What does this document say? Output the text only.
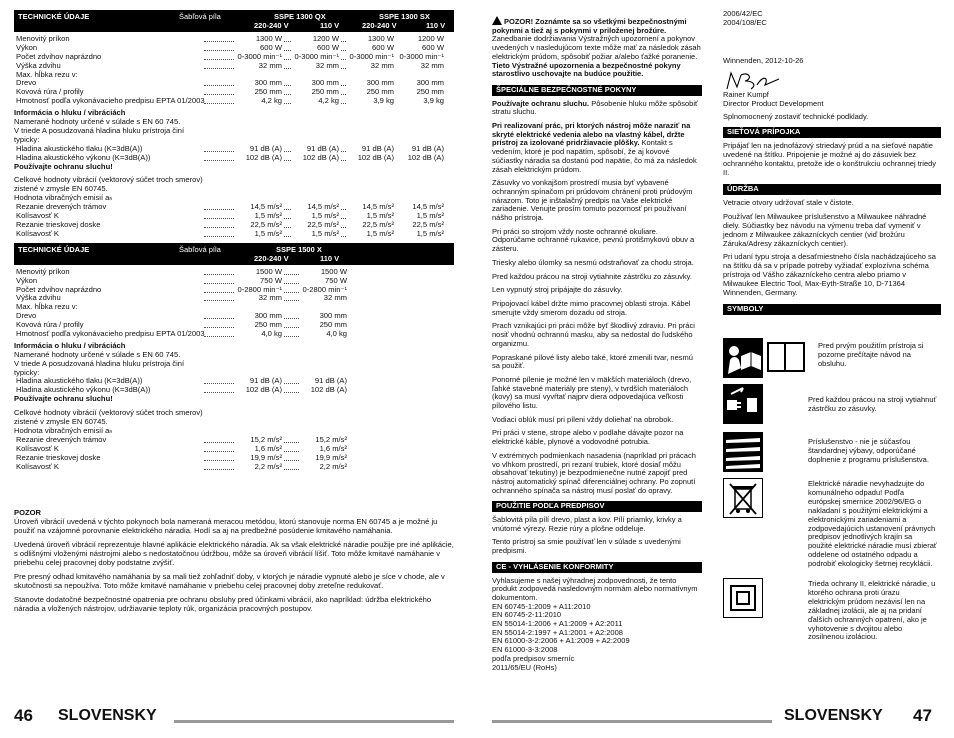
TECHNICKÉ ÚDAJE	Šabľová píla	SSPE 1300 QX	SSPE 1300 SX
220-240 V	110 V	220-240 V	110 V
Menovitý príkon	1300 W	1200 W	1300 W	1200 W
Výkon	600 W	600 W	600 W	600 W
Počet zdvihov naprázdno	0-3000 min⁻¹ 0-3000 min⁻¹ 0-3000 min⁻¹ 0-3000 min⁻¹
Výška zdvihu	32 mm	32 mm	32 mm	32 mm
Max. hĺbka rezu v:
Drevo	300 mm	300 mm	300 mm	300 mm
Kovová rúra / profily	250 mm	250 mm	250 mm	250 mm
Hmotnosť podľa vykonávacieho predpisu EPTA 01/2003	4,2 kg	4,2 kg	3,9 kg	3,9 kg
Informácia o hluku / vibráciách
Namerané hodnoty určené v súlade s EN 60 745.
V triede A posudzovaná hladina hluku prístroja činí
typicky:
Hladina akustického tlaku (K=3dB(A))	91 dB (A)	91 dB (A)	91 dB (A) 91 dB (A)
Hladina akustického výkonu (K=3dB(A))	102 dB (A)	102 dB (A) 102 dB (A) 102 dB (A)
Používajte ochranu sluchu!
Celkové hodnoty vibrácií (vektorový súčet troch smerov)
zistené v zmysle EN 60745.
Hodnota vibračných emisií aₕ
Rezanie drevených trámov	14,5 m/s²	14,5 m/s²	14,5 m/s² 14,5 m/s²
Kolísavosť K	1,5 m/s²	1,5 m/s²	1,5 m/s²	1,5 m/s²
Rezanie trieskovej doske	22,5 m/s²	22,5 m/s²	22,5 m/s² 22,5 m/s²
Kolísavosť K	1,5 m/s²	1,5 m/s²	1,5 m/s²	1,5 m/s²
TECHNICKÉ ÚDAJE	Šabľová píla	SSPE 1500 X
220-240 V	110 V
Menovitý príkon	1500 W	1500 W
Výkon	750 W	750 W
Počet zdvihov naprázdno	0-2800 min⁻¹	0-2800 min⁻¹
Výška zdvihu	32 mm	32 mm
Max. hĺbka rezu v:
Drevo	300 mm	300 mm
Kovová rúra / profily	250 mm	250 mm
Hmotnosť podľa vykonávacieho predpisu EPTA 01/2003	4,0 kg	4,0 kg
Informácia o hluku / vibráciách
Namerané hodnoty určené v súlade s EN 60 745.
V triede A posudzovaná hladina hluku prístroja činí
typicky:
Hladina akustického tlaku (K=3dB(A))	91 dB (A)	91 dB (A)
Hladina akustického výkonu (K=3dB(A))	102 dB (A)	102 dB (A)
Používajte ochranu sluchu!
Celkové hodnoty vibrácií (vektorový súčet troch smerov)
zistené v zmysle EN 60745.
Hodnota vibračných emisií aₕ
Rezanie drevených trámov	15,2 m/s²	15,2 m/s²
Kolísavosť K	1,6 m/s²	1,6 m/s²
Rezanie trieskovej doske	19,9 m/s²	19,9 m/s²
Kolísavosť K	2,2 m/s²	2,2 m/s²
POZOR

Úroveň vibrácií uvedená v týchto pokynoch bola nameraná meracou metódou, ktorú stanovuje norma EN 60745 a je možné ju použiť na vzájomné porovnanie elektrického náradia. Hodí sa aj na predbežné posúdenie kmitavého namáhania.

Uvedená úroveň vibrácií reprezentuje hlavné aplikácie elektrického náradia. Ak sa však elektrické náradie použije pre iné aplikácie, s odlišnými vloženými nástrojmi alebo s nedostatočnou údržbou, môže sa úroveň vibrácií líšiť. Toto môže kmitavé namáhanie v priebehu celej pracovnej doby podstatne zvýšiť.

Pre presný odhad kmitavého namáhania by sa mali tiež zohľadniť doby, v ktorých je náradie vypnuté alebo je síce v chode, ale v skutočnosti sa nepoužíva. Toto môže kmitavé namáhanie v priebehu celej pracovnej doby zreteľne redukovať.

Stanovte dodatočné bezpečnostné opatrenia pre ochranu obsluhy pred účinkami vibrácií, ako napríklad: údržba elektrického náradia a vložených nástrojov, udržiavanie teploty rúk, organizácia pracovných postupov.

POZOR! Zoznámte sa so všetkými bezpečnostnými pokynmi a tiež aj s pokynmi v priloženej brožúre. Zanedbanie dodržiavania Výstražných upozornení a pokynov uvedených v nasledujúcom texte môže mať za následok zásah elektrickým prúdom, spôsobiť požiar a/alebo ťažké poranenie.
Tieto Výstražné upozornenia a bezpečnostné pokyny starostlivo uschovajte na budúce použitie.
ŠPECIÁLNE BEZPEČNOSTNÉ POKYNY

Používajte ochranu sluchu. Pôsobenie hluku môže spôsobiť stratu sluchu.

Pri realizovaní prác, pri ktorých nástroj môže naraziť na skryté elektrické vedenia alebo na vlastný kábel, držte prístroj za izolované pridržiavacie plôšky. Kontakt s vedením, ktoré je pod napätím, spôsobí, že aj kovové súčiastky náradia sa dostanú pod napätie, čo má za následok zásah elektrickým prúdom.

Zásuvky vo vonkajšom prostredí musia byť vybavené ochranným spínačom pri prúdovom chránení proti prúdovým nárazom. Toto je inštalačný predpis na Vaše elektrické zariadenie. Venujte prosím tomuto pozornosť pri používaní nášho prístroja.

Pri práci so strojom vždy noste ochranné okuliare. Odporúčame ochranné rukavice, pevnú protišmykovú obuv a zásteru.

Triesky alebo úlomky sa nesmú odstraňovať za chodu stroja.

Pred každou prácou na stroji vytiahnite zástrčku zo zásuvky.

Len vypnutý stroj pripájajte do zásuvky.

Pripojovací kábel držte mimo pracovnej oblasti stroja. Kábel smerujte vždy smerom dozadu od stroja.

Prach vznikajúci pri práci môže byť škodlivý zdraviu. Pri práci nosiť vhodnú ochrannú masku, aby sa nedostal do ľudského organizmu.

Popraskané pílové listy alebo také, ktoré zmenili tvar, nesmú sa použiť.

Ponorné pílenie je možné len v mäkších materiáloch (drevo, ľahké stavebné materiály pre steny), v tvrdších materiáloch (kovy) sa musí vyvŕtať najprv diera odpovedajúca veľkosti pílového listu.

Vodiaci oblúk musí pri píleni vždy doliehať na obrobok.

Pri práci v stene, strope alebo v podlahe dávajte pozor na elektrické káble, plynové a vodovodné potrubia.

V extrémnych podmienkach nasadenia (napríklad pri prácach vo vlhkom prostredí, pri rezaní trubiek, ktoré dosiaľ môžu obsahovať tekutiny) je bezpodmienečne nutné zapojiť pred nástroj automatický spínač diferenciálnej ochrany. Po zopnutí ochranného spínača sa nástroj musí poslať do opravy.

POUŽITIE PODĽA PREDPISOV

Šablovitá píla pílí drevo, plast a kov. Pílí priamky, krivky a vnútorné výrezy. Rezie rúry a plošne oddeluje.

Tento prístroj sa smie používať len v súlade s uvedenými predpismi.

CE - VYHLÁSENIE KONFORMITY
Vyhlasujeme s našej výhradnej zodpovednosti, že tento produkt zodpovedá nasledovným normám alebo normatívnym dokumentom.
EN 60745-1:2009 + A11:2010
EN 60745-2-11:2010
EN 55014-1:2006 + A1:2009 + A2:2011
EN 55014-2:1997 + A1:2001 + A2:2008
EN 61000-3-2:2006 + A1:2009 + A2:2009
EN 61000-3-3:2008
podľa predpisov smerníc
2011/65/EU (RoHs)
2006/42/EC
2004/108/EC
Winnenden, 2012-10-26
Rainer Kumpf
Director Product Development
Splnomocnený zostaviť technické podklady.
SIEŤOVÁ PRÍPOJKA

Pripájať len na jednofázový striedavý prúd a na sieťové napätie uvedené na štítku. Pripojenie je možné aj do zásuviek bez ochranného kontaktu, pretože ide o konštrukciu ochrannej triedy II.

ÚDRŽBA

Vetracie otvory udržovať stale v čistote.

Používať len Milwaukee príslušenstvo a Milwaukee náhradné diely. Súčiastky bez návodu na výmenu treba dať vymeniť v jednom z Milwaukee zákazníckych centier (viď brožúru Záruka/Adresy zákazníckych centier).

Pri udaní typu stroja a desaťmiestneho čísla nachádzajúceho sa na štítku dá sa v prípade potreby vyžiadať explozívna schéma prístroja od Vášho zákazníckeho centra alebo priamo v Milwaukee Electric Tool, Max-Eyth-Straße 10, D-71364 Winnenden, Germany.

SYMBOLY
Pred prvým použitím prístroja si pozorne prečítajte návod na obsluhu.
Pred každou prácou na stroji vytiahnuť zástrčku zo zásuvky.
Príslušenstvo - nie je súčasťou štandardnej výbavy, odporúčané doplnenie z programu príslušenstva.
Elektrické náradie nevyhadzujte do komunálneho odpadu! Podľa európskej smernice 2002/96/EG o nakladaní s použitými elektrickými a elektronickými zariadeniami a zodpovedajúcich ustanovení právnych predpisov jednotlivých krajín sa použité elektrické náradie musí zbierať oddelene od ostatného odpadu a podrobiť ekologicky šetrnej recyklácii.
Trieda ochrany II, elektrické náradie, u ktorého ochrana proti úrazu elektrickým prúdom nezávisí len na základnej izolácii, ale aj na pridaní ďalších ochranných opatrení, ako je vyhotovenie s dvojitou alebo zosilnenou izoláciou.
46 SLOVENSKY	SLOVENSKY 47
